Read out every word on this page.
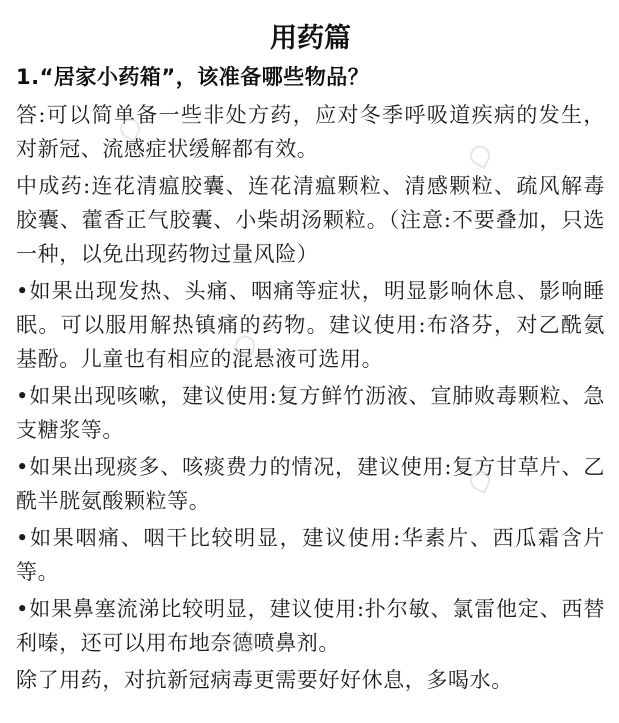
用药篇
1.“居家小药箱”，该准备哪些物品？

答:可以简单备一些非处方药，应对冬季呼吸道疾病的发生，对新冠、流感症状缓解都有效。

中成药:连花清瘟胶囊、连花清瘟颗粒、清感颗粒、疏风解毒胶囊、藿香正气胶囊、小柴胡汤颗粒。（注意:不要叠加，只选一种，以免出现药物过量风险）

•如果出现发热、头痛、咽痛等症状，明显影响休息、影响睡眠。可以服用解热镇痛的药物。建议使用:布洛芬，对乙酰氨基酚。儿童也有相应的混悬液可选用。

•如果出现咳嗽，建议使用:复方鲜竹沥液、宣肺败毒颗粒、急支糖浆等。

•如果出现痰多、咳痰费力的情况，建议使用:复方甘草片、乙酰半胱氨酸颗粒等。

•如果咽痛、咽干比较明显，建议使用:华素片、西瓜霜含片等。

•如果鼻塞流涕比较明显，建议使用:扑尔敏、氯雷他定、西替利嗪，还可以用布地奈德喷鼻剂。

除了用药，对抗新冠病毒更需要好好休息，多喝水。
